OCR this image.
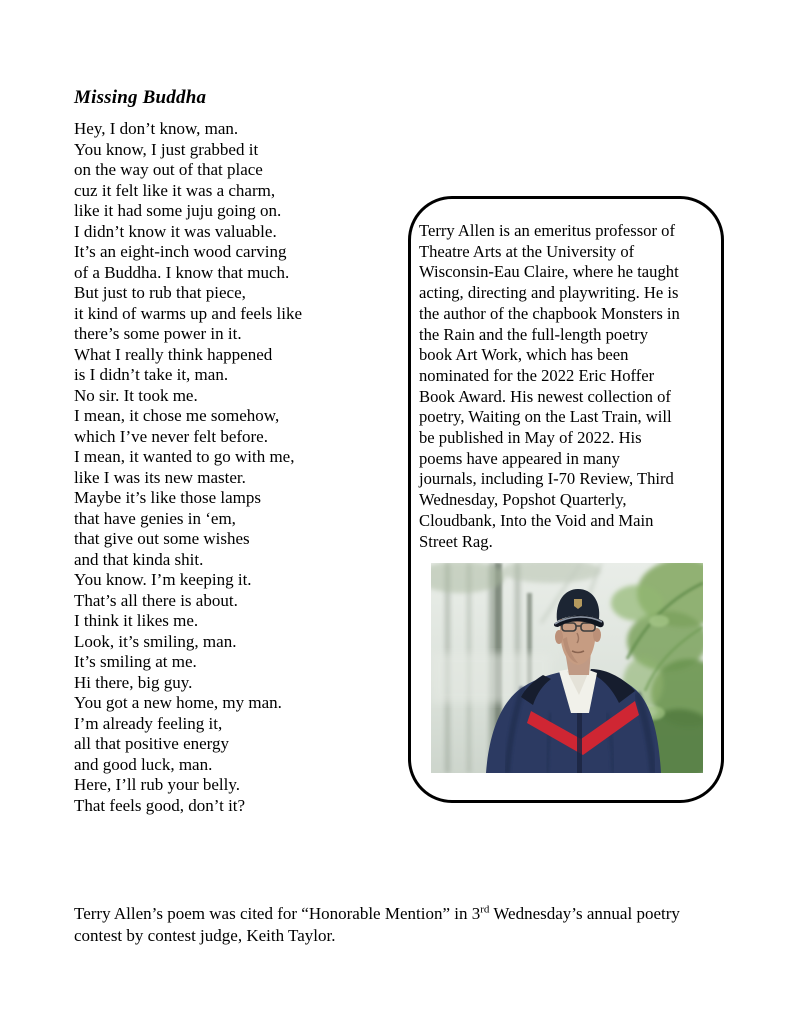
Missing Buddha
Hey, I don’t know, man.
You know, I just grabbed it
on the way out of that place
cuz it felt like it was a charm,
like it had some juju going on.
I didn’t know it was valuable.
It’s an eight-inch wood carving
of a Buddha. I know that much.
But just to rub that piece,
it kind of warms up and feels like
there’s some power in it.
What I really think happened
is I didn’t take it, man.
No sir. It took me.
I mean, it chose me somehow,
which I’ve never felt before.
I mean, it wanted to go with me,
like I was its new master.
Maybe it’s like those lamps
that have genies in ‘em,
that give out some wishes
and that kinda shit.
You know. I’m keeping it.
That’s all there is about.
I think it likes me.
Look, it’s smiling, man.
It’s smiling at me.
Hi there, big guy.
You got a new home, my man.
I’m already feeling it,
all that positive energy
and good luck, man.
Here, I’ll rub your belly.
That feels good, don’t it?
Terry Allen is an emeritus professor of
Theatre Arts at the University of
Wisconsin-Eau Claire, where he taught
acting, directing and playwriting. He is
the author of the chapbook Monsters in
the Rain and the full-length poetry
book Art Work, which has been
nominated for the 2022 Eric Hoffer
Book Award. His newest collection of
poetry, Waiting on the Last Train, will
be published in May of 2022. His
poems have appeared in many
journals, including I-70 Review, Third
Wednesday, Popshot Quarterly,
Cloudbank, Into the Void and Main
Street Rag.

Terry Allen’s poem was cited for “Honorable Mention” in 3rd Wednesday’s annual poetry
contest by contest judge, Keith Taylor.
